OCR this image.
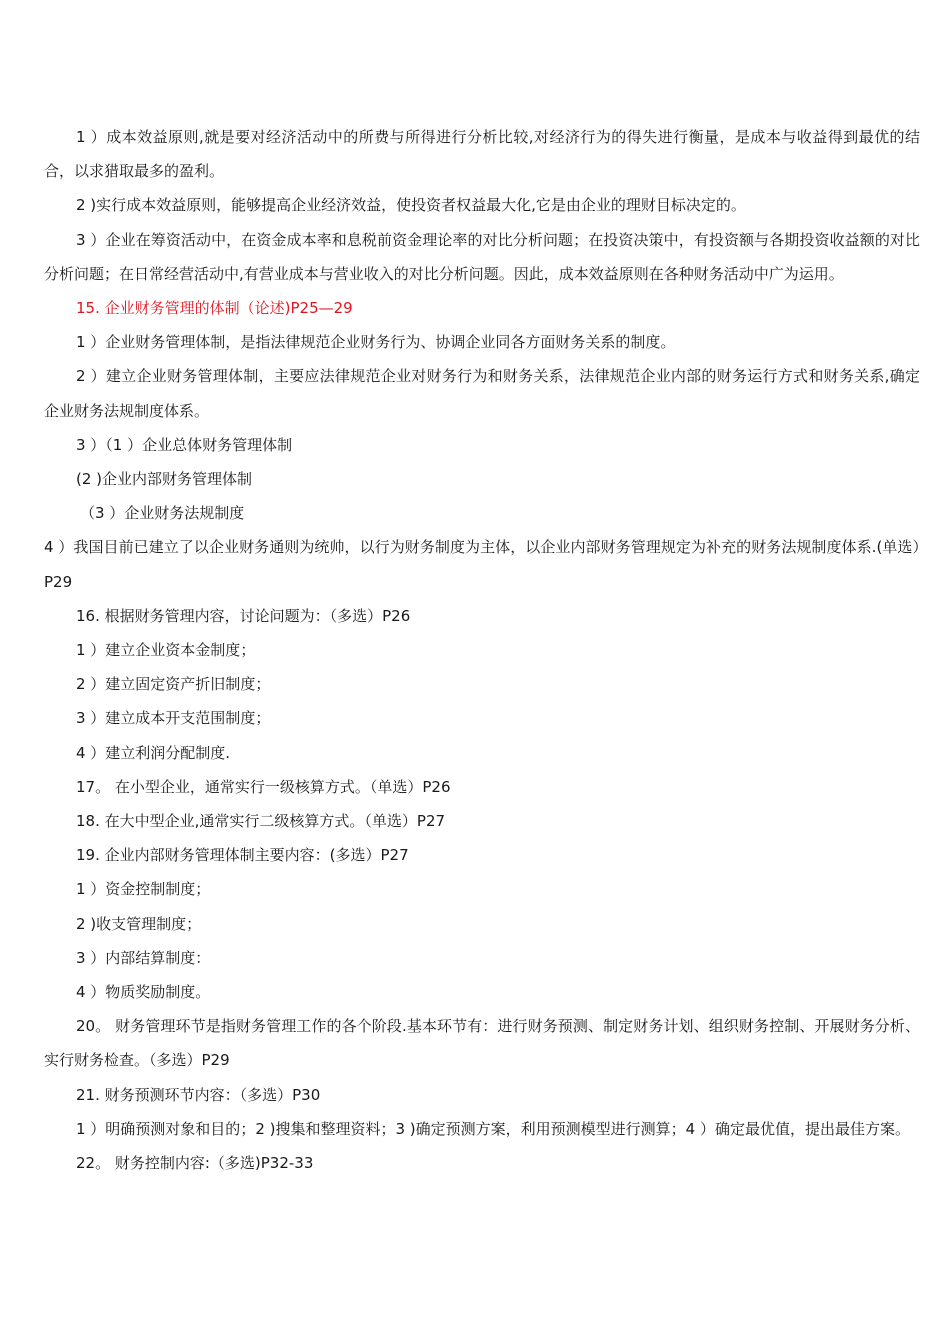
1 ）成本效益原则,就是要对经济活动中的所费与所得进行分析比较,对经济行为的得失进行衡量，是成本与收益得到最优的结合，以求猎取最多的盈利。

2 )实行成本效益原则，能够提高企业经济效益，使投资者权益最大化,它是由企业的理财目标决定的。

3 ）企业在筹资活动中，在资金成本率和息税前资金理论率的对比分析问题；在投资决策中，有投资额与各期投资收益额的对比分析问题；在日常经营活动中,有营业成本与营业收入的对比分析问题。因此，成本效益原则在各种财务活动中广为运用。

15. 企业财务管理的体制（论述)P25—29

1 ）企业财务管理体制，是指法律规范企业财务行为、协调企业同各方面财务关系的制度。

2 ）建立企业财务管理体制，主要应法律规范企业对财务行为和财务关系，法律规范企业内部的财务运行方式和财务关系,确定企业财务法规制度体系。

3 ）（1 ）企业总体财务管理体制

(2 )企业内部财务管理体制

（3 ）企业财务法规制度

4 ）我国目前已建立了以企业财务通则为统帅，以行为财务制度为主体，以企业内部财务管理规定为补充的财务法规制度体系.(单选）P29

16. 根据财务管理内容，讨论问题为：（多选）P26

1 ）建立企业资本金制度；

2 ）建立固定资产折旧制度；

3 ）建立成本开支范围制度；

4 ）建立利润分配制度.

17。 在小型企业，通常实行一级核算方式。（单选）P26

18. 在大中型企业,通常实行二级核算方式。（单选）P27

19. 企业内部财务管理体制主要内容：(多选）P27

1 ）资金控制制度；

2 )收支管理制度；

3 ）内部结算制度：

4 ）物质奖励制度。

20。 财务管理环节是指财务管理工作的各个阶段.基本环节有：进行财务预测、制定财务计划、组织财务控制、开展财务分析、实行财务检查。（多选）P29

21. 财务预测环节内容：（多选）P30

1 ）明确预测对象和目的；2 )搜集和整理资料；3 )确定预测方案，利用预测模型进行测算；4 ）确定最优值，提出最佳方案。

22。 财务控制内容:（多选)P32-33
